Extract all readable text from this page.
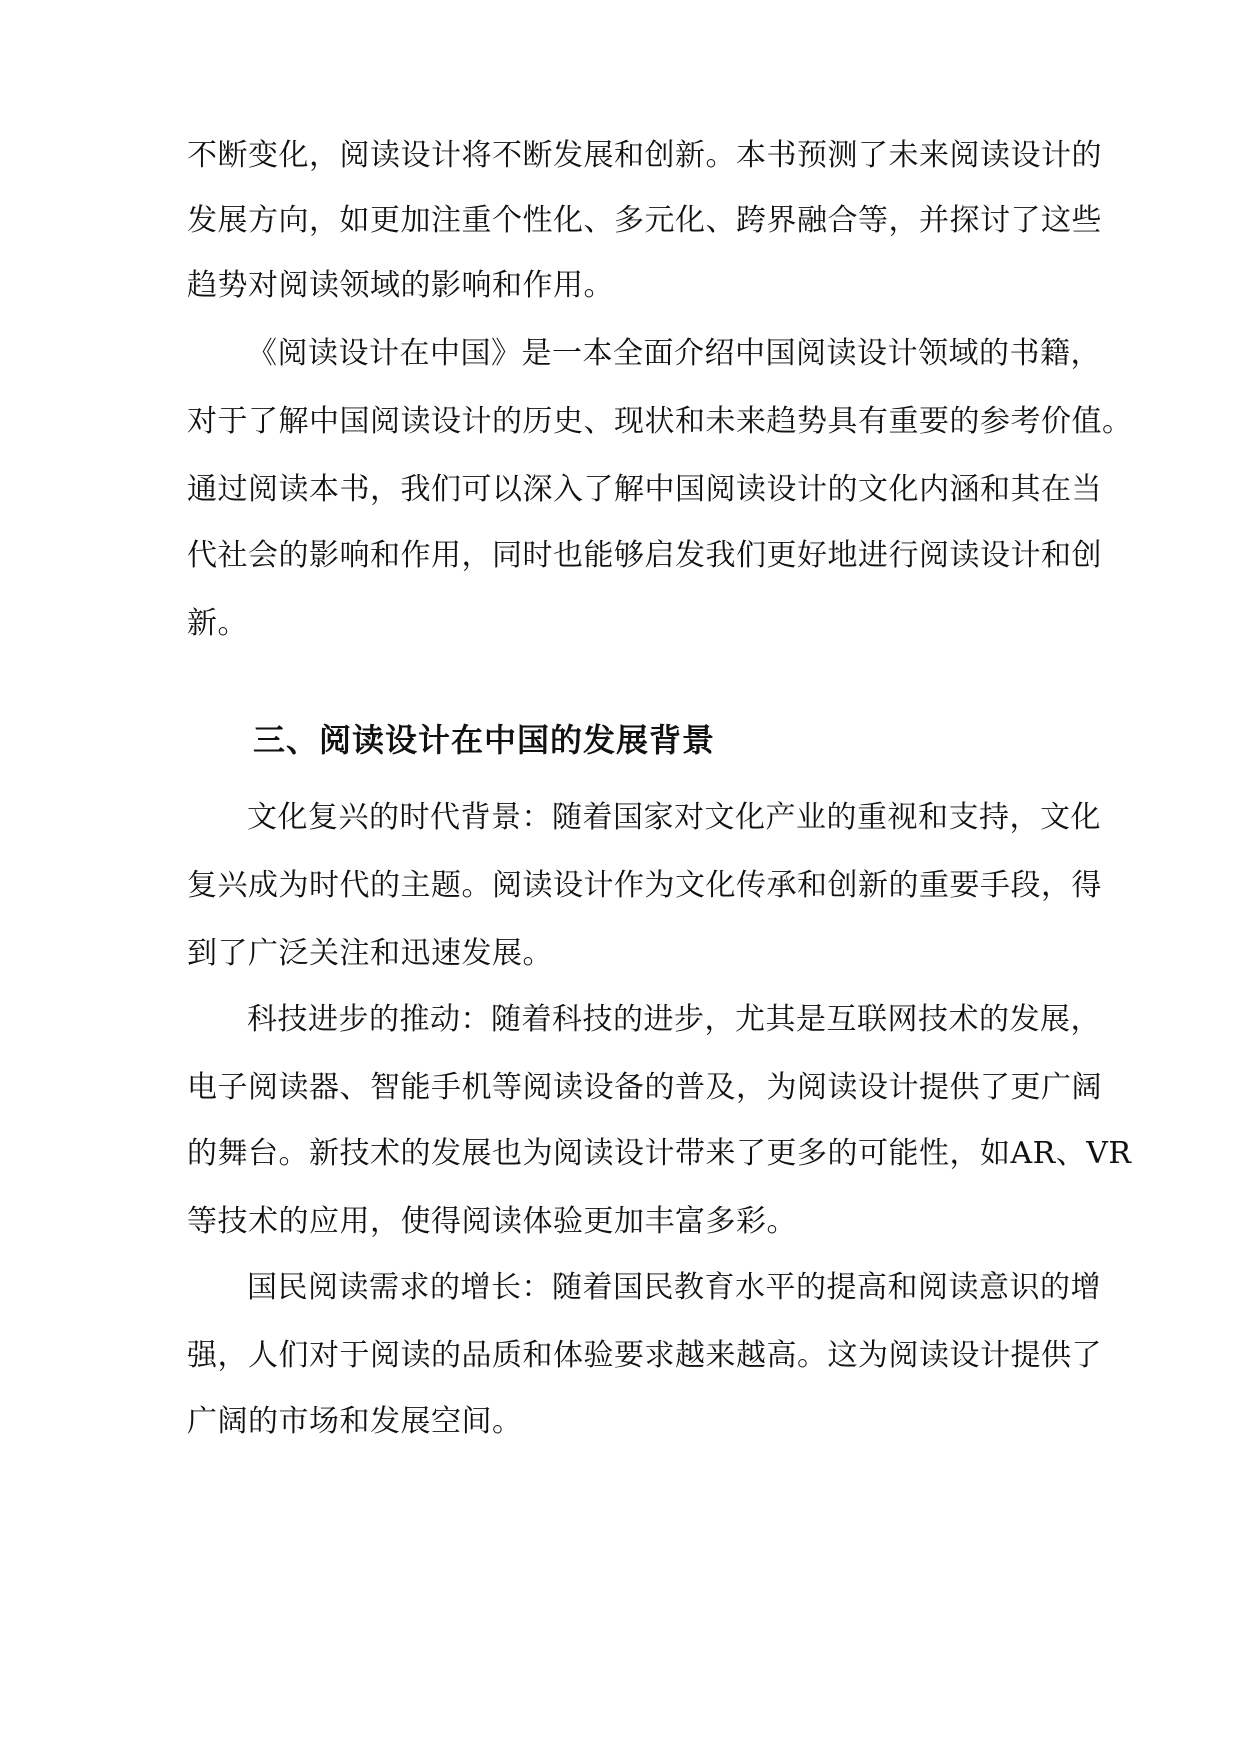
不断变化，阅读设计将不断发展和创新。本书预测了未来阅读设计的
发展方向，如更加注重个性化、多元化、跨界融合等，并探讨了这些
趋势对阅读领域的影响和作用。
《阅读设计在中国》是一本全面介绍中国阅读设计领域的书籍，
对于了解中国阅读设计的历史、现状和未来趋势具有重要的参考价值。
通过阅读本书，我们可以深入了解中国阅读设计的文化内涵和其在当
代社会的影响和作用，同时也能够启发我们更好地进行阅读设计和创
新。
三、阅读设计在中国的发展背景
文化复兴的时代背景：随着国家对文化产业的重视和支持，文化
复兴成为时代的主题。阅读设计作为文化传承和创新的重要手段，得
到了广泛关注和迅速发展。
科技进步的推动：随着科技的进步，尤其是互联网技术的发展，
电子阅读器、智能手机等阅读设备的普及，为阅读设计提供了更广阔
的舞台。新技术的发展也为阅读设计带来了更多的可能性，如AR、VR
等技术的应用，使得阅读体验更加丰富多彩。
国民阅读需求的增长：随着国民教育水平的提高和阅读意识的增
强，人们对于阅读的品质和体验要求越来越高。这为阅读设计提供了
广阔的市场和发展空间。
